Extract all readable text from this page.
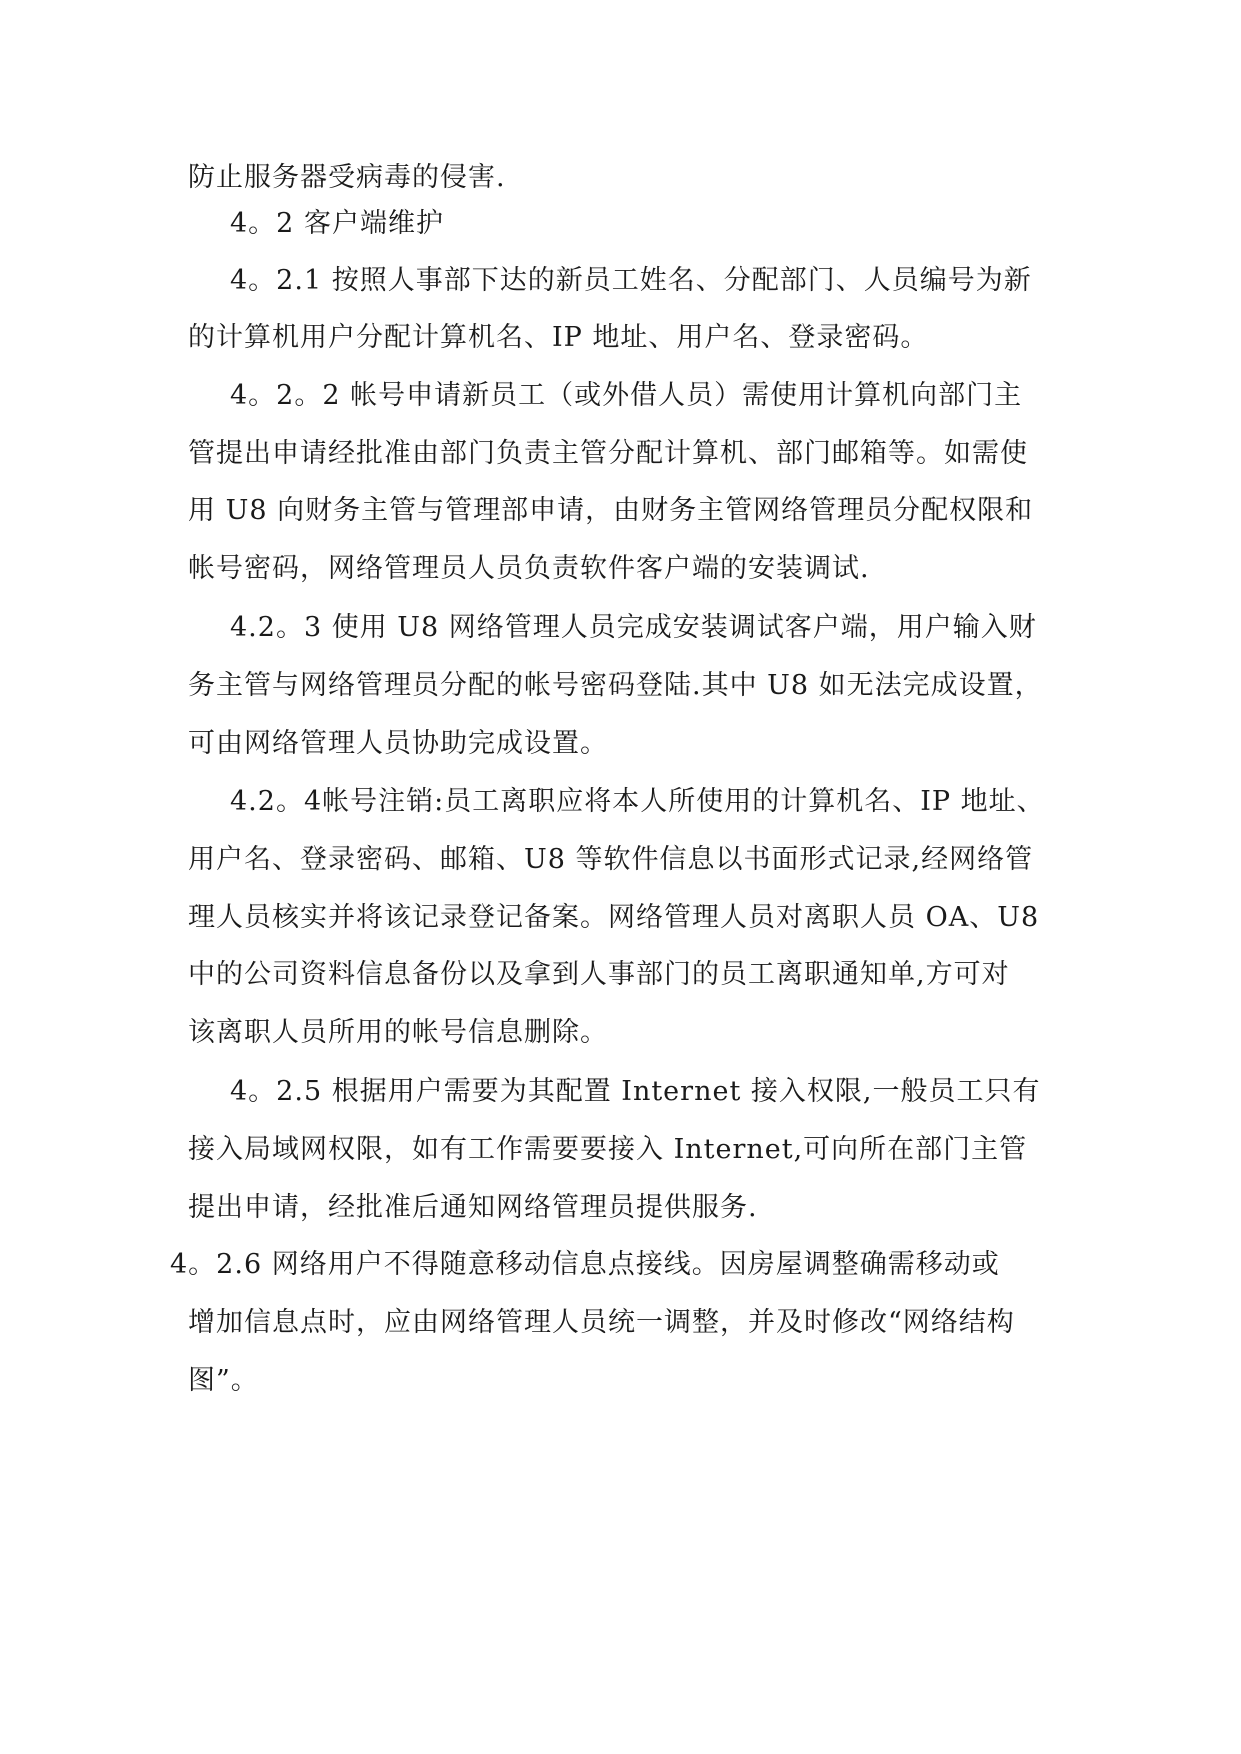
防止服务器受病毒的侵害.
4。2 客户端维护
4。2.1 按照人事部下达的新员工姓名、分配部门、人员编号为新
的计算机用户分配计算机名、IP 地址、用户名、登录密码。
4。2。2 帐号申请新员工（或外借人员）需使用计算机向部门主
管提出申请经批准由部门负责主管分配计算机、部门邮箱等。如需使
用 U8 向财务主管与管理部申请，由财务主管网络管理员分配权限和
帐号密码，网络管理员人员负责软件客户端的安装调试.
4.2。3 使用 U8 网络管理人员完成安装调试客户端，用户输入财
务主管与网络管理员分配的帐号密码登陆.其中 U8 如无法完成设置，
可由网络管理人员协助完成设置。
4.2。4帐号注销:员工离职应将本人所使用的计算机名、IP 地址、
用户名、登录密码、邮箱、U8 等软件信息以书面形式记录,经网络管
理人员核实并将该记录登记备案。网络管理人员对离职人员 OA、U8
中的公司资料信息备份以及拿到人事部门的员工离职通知单,方可对
该离职人员所用的帐号信息删除。
4。2.5 根据用户需要为其配置 Internet 接入权限,一般员工只有
接入局域网权限，如有工作需要要接入 Internet,可向所在部门主管
提出申请，经批准后通知网络管理员提供服务.
4。2.6 网络用户不得随意移动信息点接线。因房屋调整确需移动或
增加信息点时，应由网络管理人员统一调整，并及时修改“网络结构
图”。
